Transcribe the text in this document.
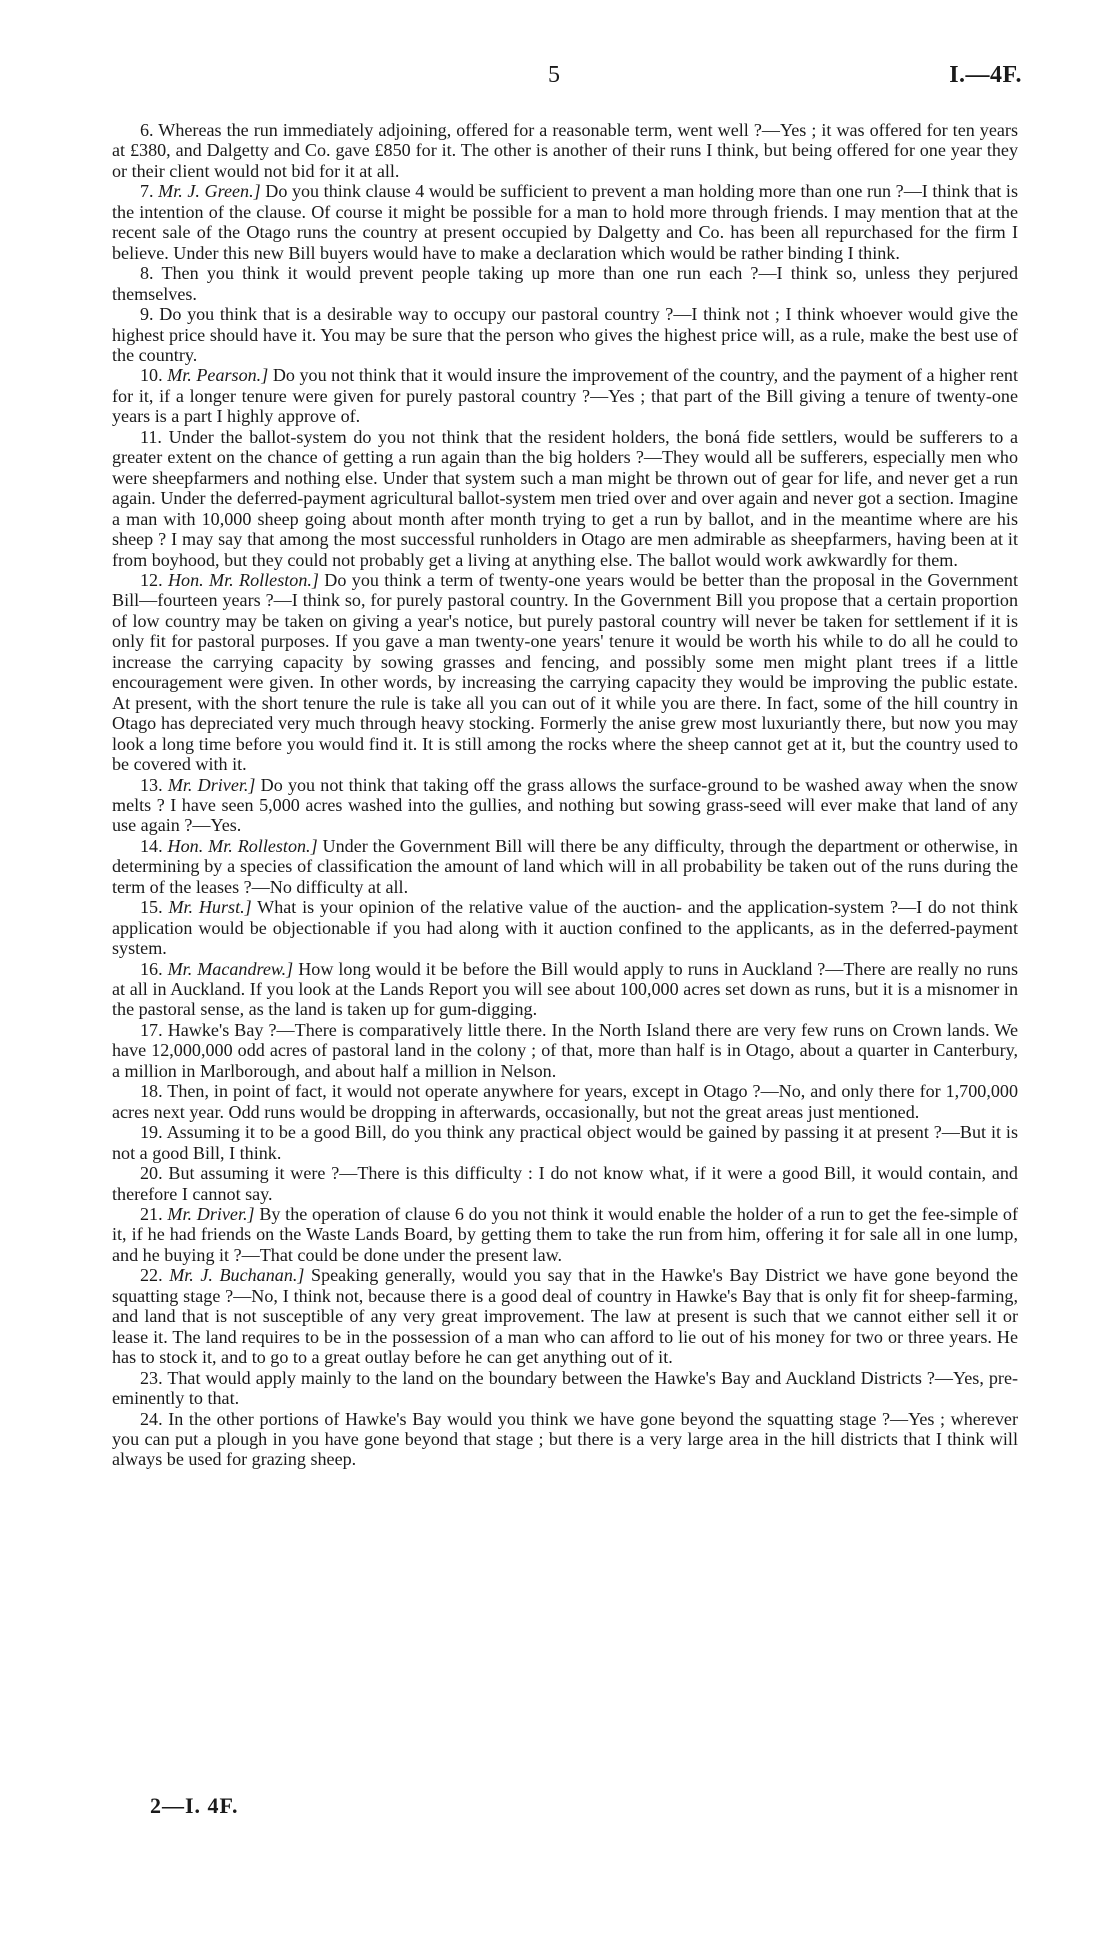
5	I.—4F.

6. Whereas the run immediately adjoining, offered for a reasonable term, went well ?—Yes ; it was offered for ten years at £380, and Dalgetty and Co. gave £850 for it. The other is another of their runs I think, but being offered for one year they or their client would not bid for it at all.

7. Mr. J. Green.] Do you think clause 4 would be sufficient to prevent a man holding more than one run ?—I think that is the intention of the clause. Of course it might be possible for a man to hold more through friends. I may mention that at the recent sale of the Otago runs the country at present occupied by Dalgetty and Co. has been all repurchased for the firm I believe. Under this new Bill buyers would have to make a declaration which would be rather binding I think.

8. Then you think it would prevent people taking up more than one run each ?—I think so, unless they perjured themselves.

9. Do you think that is a desirable way to occupy our pastoral country ?—I think not ; I think whoever would give the highest price should have it. You may be sure that the person who gives the highest price will, as a rule, make the best use of the country.

10. Mr. Pearson.] Do you not think that it would insure the improvement of the country, and the payment of a higher rent for it, if a longer tenure were given for purely pastoral country ?—Yes ; that part of the Bill giving a tenure of twenty-one years is a part I highly approve of.

11. Under the ballot-system do you not think that the resident holders, the boná fide settlers, would be sufferers to a greater extent on the chance of getting a run again than the big holders ?—They would all be sufferers, especially men who were sheepfarmers and nothing else. Under that system such a man might be thrown out of gear for life, and never get a run again. Under the deferred-payment agricultural ballot-system men tried over and over again and never got a section. Imagine a man with 10,000 sheep going about month after month trying to get a run by ballot, and in the meantime where are his sheep ? I may say that among the most successful runholders in Otago are men admirable as sheepfarmers, having been at it from boyhood, but they could not probably get a living at anything else. The ballot would work awkwardly for them.

12. Hon. Mr. Rolleston.] Do you think a term of twenty-one years would be better than the proposal in the Government Bill—fourteen years ?—I think so, for purely pastoral country. In the Government Bill you propose that a certain proportion of low country may be taken on giving a year's notice, but purely pastoral country will never be taken for settlement if it is only fit for pastoral purposes. If you gave a man twenty-one years' tenure it would be worth his while to do all he could to increase the carrying capacity by sowing grasses and fencing, and possibly some men might plant trees if a little encouragement were given. In other words, by increasing the carrying capacity they would be improving the public estate. At present, with the short tenure the rule is take all you can out of it while you are there. In fact, some of the hill country in Otago has depreciated very much through heavy stocking. Formerly the anise grew most luxuriantly there, but now you may look a long time before you would find it. It is still among the rocks where the sheep cannot get at it, but the country used to be covered with it.

13. Mr. Driver.] Do you not think that taking off the grass allows the surface-ground to be washed away when the snow melts ? I have seen 5,000 acres washed into the gullies, and nothing but sowing grass-seed will ever make that land of any use again ?—Yes.

14. Hon. Mr. Rolleston.] Under the Government Bill will there be any difficulty, through the department or otherwise, in determining by a species of classification the amount of land which will in all probability be taken out of the runs during the term of the leases ?—No difficulty at all.

15. Mr. Hurst.] What is your opinion of the relative value of the auction- and the application-system ?—I do not think application would be objectionable if you had along with it auction confined to the applicants, as in the deferred-payment system.

16. Mr. Macandrew.] How long would it be before the Bill would apply to runs in Auckland ?—There are really no runs at all in Auckland. If you look at the Lands Report you will see about 100,000 acres set down as runs, but it is a misnomer in the pastoral sense, as the land is taken up for gum-digging.

17. Hawke's Bay ?—There is comparatively little there. In the North Island there are very few runs on Crown lands. We have 12,000,000 odd acres of pastoral land in the colony ; of that, more than half is in Otago, about a quarter in Canterbury, a million in Marlborough, and about half a million in Nelson.

18. Then, in point of fact, it would not operate anywhere for years, except in Otago ?—No, and only there for 1,700,000 acres next year. Odd runs would be dropping in afterwards, occasionally, but not the great areas just mentioned.

19. Assuming it to be a good Bill, do you think any practical object would be gained by passing it at present ?—But it is not a good Bill, I think.

20. But assuming it were ?—There is this difficulty : I do not know what, if it were a good Bill, it would contain, and therefore I cannot say.

21. Mr. Driver.] By the operation of clause 6 do you not think it would enable the holder of a run to get the fee-simple of it, if he had friends on the Waste Lands Board, by getting them to take the run from him, offering it for sale all in one lump, and he buying it ?—That could be done under the present law.

22. Mr. J. Buchanan.] Speaking generally, would you say that in the Hawke's Bay District we have gone beyond the squatting stage ?—No, I think not, because there is a good deal of country in Hawke's Bay that is only fit for sheep-farming, and land that is not susceptible of any very great improvement. The law at present is such that we cannot either sell it or lease it. The land requires to be in the possession of a man who can afford to lie out of his money for two or three years. He has to stock it, and to go to a great outlay before he can get anything out of it.

23. That would apply mainly to the land on the boundary between the Hawke's Bay and Auckland Districts ?—Yes, pre-eminently to that.

24. In the other portions of Hawke's Bay would you think we have gone beyond the squatting stage ?—Yes ; wherever you can put a plough in you have gone beyond that stage ; but there is a very large area in the hill districts that I think will always be used for grazing sheep.

2—I. 4F.
